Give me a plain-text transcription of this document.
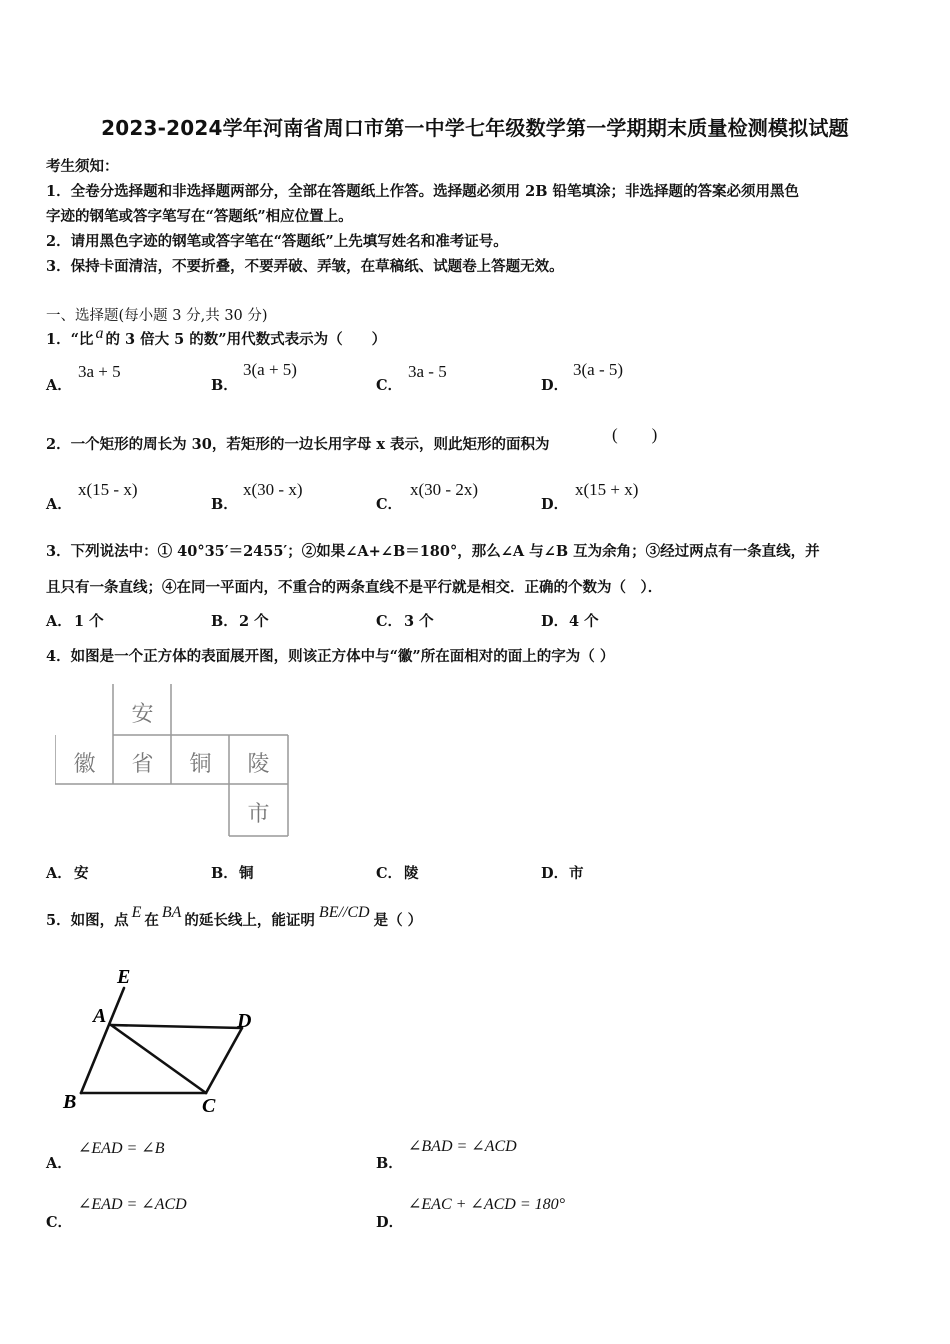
2023-2024学年河南省周口市第一中学七年级数学第一学期期末质量检测模拟试题
考生须知：
1．全卷分选择题和非选择题两部分，全部在答题纸上作答。选择题必须用 2B 铅笔填涂；非选择题的答案必须用黑色
字迹的钢笔或答字笔写在“答题纸”相应位置上。
2．请用黑色字迹的钢笔或答字笔在“答题纸”上先填写姓名和准考证号。
3．保持卡面清洁，不要折叠，不要弄破、弄皱，在草稿纸、试题卷上答题无效。
一、选择题(每小题 3 分,共 30 分)
1．“比 a 的 3 倍大 5 的数”用代数式表示为（　　）
A．
3a + 5
B．
3(a + 5)
C．
3a - 5
D．
3(a - 5)
2．一个矩形的周长为 30，若矩形的一边长用字母 x 表示，则此矩形的面积为
(　　)
A．
x(15 - x)
B．
x(30 - x)
C．
x(30 - 2x)
D．
x(15 + x)
3．下列说法中：① 40°35′＝2455′；②如果∠A+∠B＝180°，那么∠A 与∠B 互为余角；③经过两点有一条直线，并
且只有一条直线；④在同一平面内，不重合的两条直线不是平行就是相交．正确的个数为（　）．
A． 1 个	B． 2 个	C． 3 个	D． 4 个
4．如图是一个正方体的表面展开图，则该正方体中与“徽”所在面相对的面上的字为（ ）
安
徽	省	铜	陵
市
A． 安	B． 铜	C． 陵	D． 市
5．如图，点 E 在 BA 的延长线上，能证明 BE//CD 是（ ）
E
A	D
B	C
A．
∠EAD = ∠B
B．
∠BAD = ∠ACD
C．
∠EAD = ∠ACD
D．
∠EAC + ∠ACD = 180°
